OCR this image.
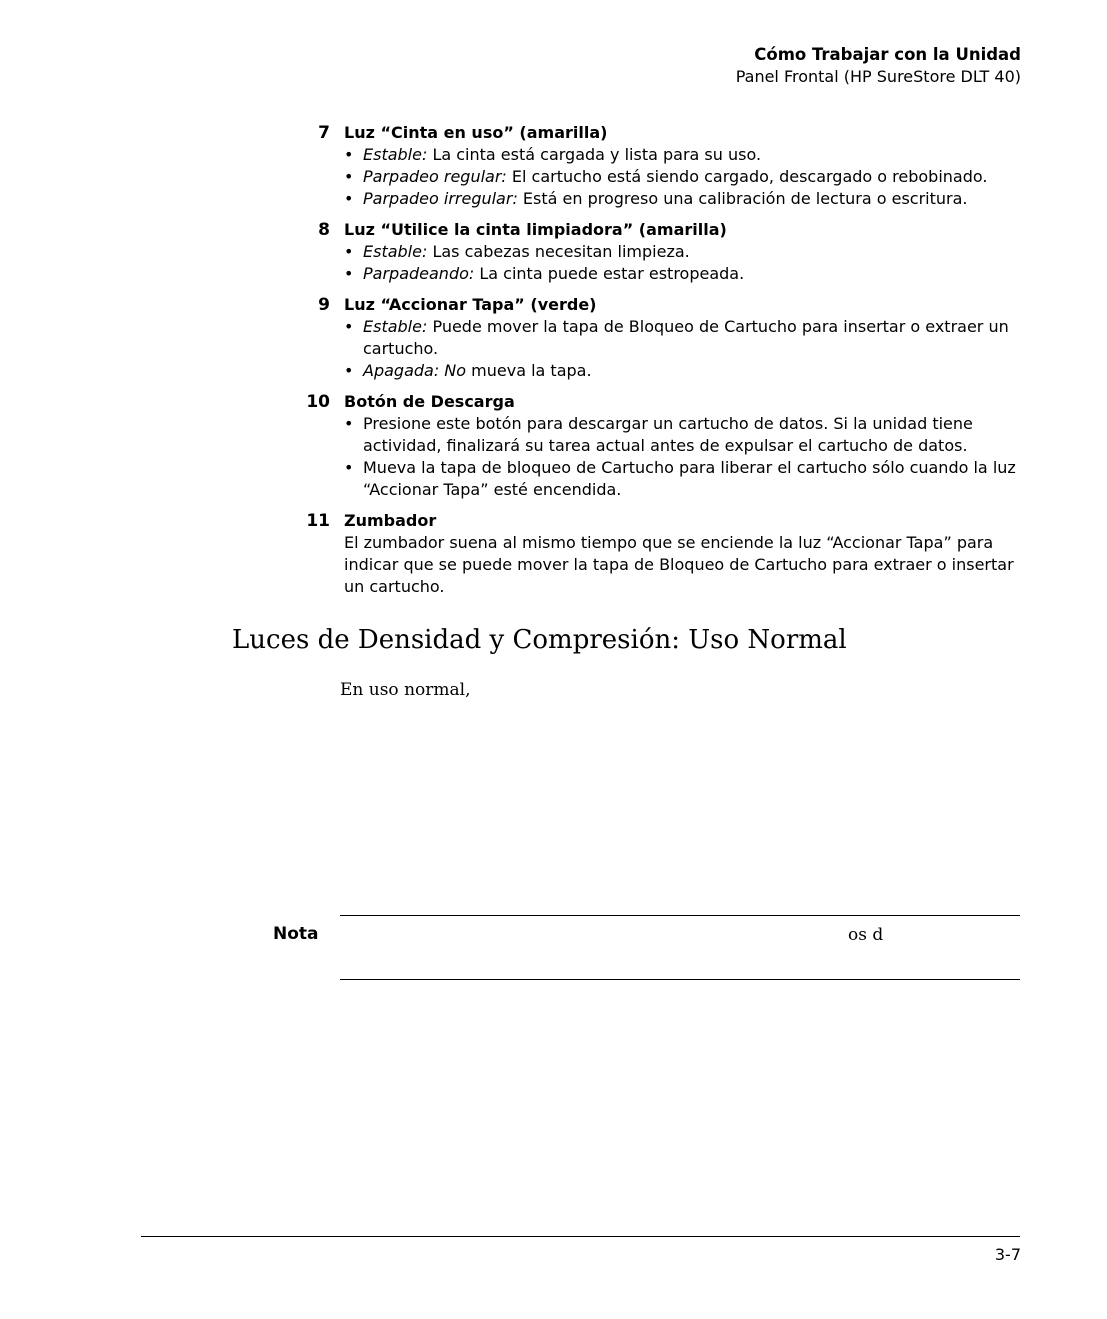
Cómo Trabajar con la Unidad
Panel Frontal (HP SureStore DLT 40)
7 Luz “Cinta en uso” (amarilla)
• Estable: La cinta está cargada y lista para su uso.
• Parpadeo regular: El cartucho está siendo cargado, descargado o rebobinado.
• Parpadeo irregular: Está en progreso una calibración de lectura o escritura.
8 Luz “Utilice la cinta limpiadora” (amarilla)
• Estable: Las cabezas necesitan limpieza.
• Parpadeando: La cinta puede estar estropeada.
9 Luz “Accionar Tapa” (verde)
• Estable: Puede mover la tapa de Bloqueo de Cartucho para insertar o extraer un cartucho.
• Apagada: No mueva la tapa.
10 Botón de Descarga
• Presione este botón para descargar un cartucho de datos. Si la unidad tiene actividad, finalizará su tarea actual antes de expulsar el cartucho de datos.
• Mueva la tapa de bloqueo de Cartucho para liberar el cartucho sólo cuando la luz “Accionar Tapa” esté encendida.
11 Zumbador
El zumbador suena al mismo tiempo que se enciende la luz “Accionar Tapa” para indicar que se puede mover la tapa de Bloqueo de Cartucho para extraer o insertar un cartucho.
Luces de Densidad y Compresión: Uso Normal
En uso normal,
Nota	os d
3-7
